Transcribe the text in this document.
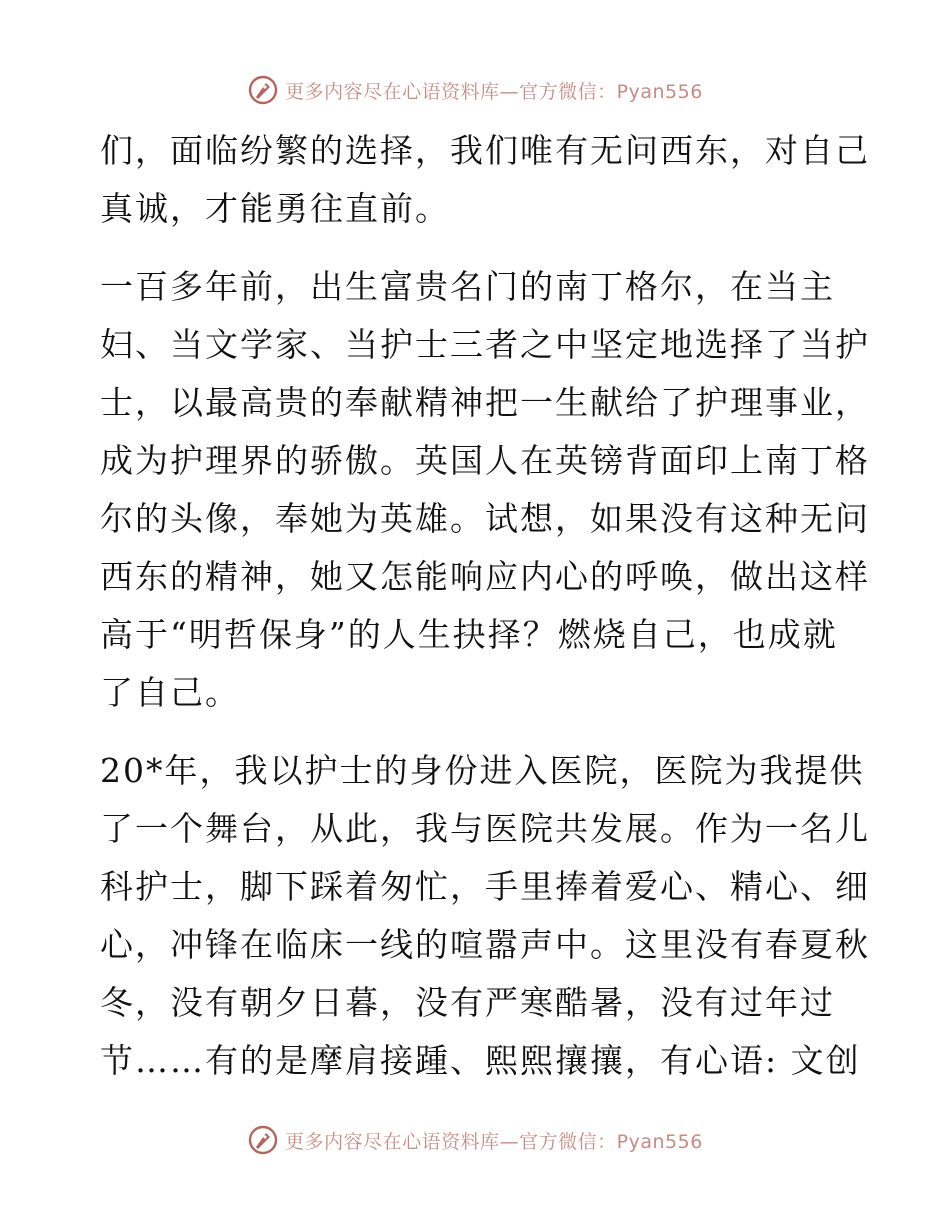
更多内容尽在心语资料库—官方微信：Pyan556

们，面临纷繁的选择，我们唯有无问西东，对自己
真诚，才能勇往直前。

一百多年前，出生富贵名门的南丁格尔，在当主
妇、当文学家、当护士三者之中坚定地选择了当护
士，以最高贵的奉献精神把一生献给了护理事业，
成为护理界的骄傲。英国人在英镑背面印上南丁格
尔的头像，奉她为英雄。试想，如果没有这种无问
西东的精神，她又怎能响应内心的呼唤，做出这样
高于“明哲保身”的人生抉择？燃烧自己，也成就
了自己。

20*年，我以护士的身份进入医院，医院为我提供
了一个舞台，从此，我与医院共发展。作为一名儿
科护士，脚下踩着匆忙，手里捧着爱心、精心、细
心，冲锋在临床一线的喧嚣声中。这里没有春夏秋
冬，没有朝夕日暮，没有严寒酷暑，没有过年过
节……有的是摩肩接踵、熙熙攘攘，有心语: 文创

更多内容尽在心语资料库—官方微信：Pyan556
